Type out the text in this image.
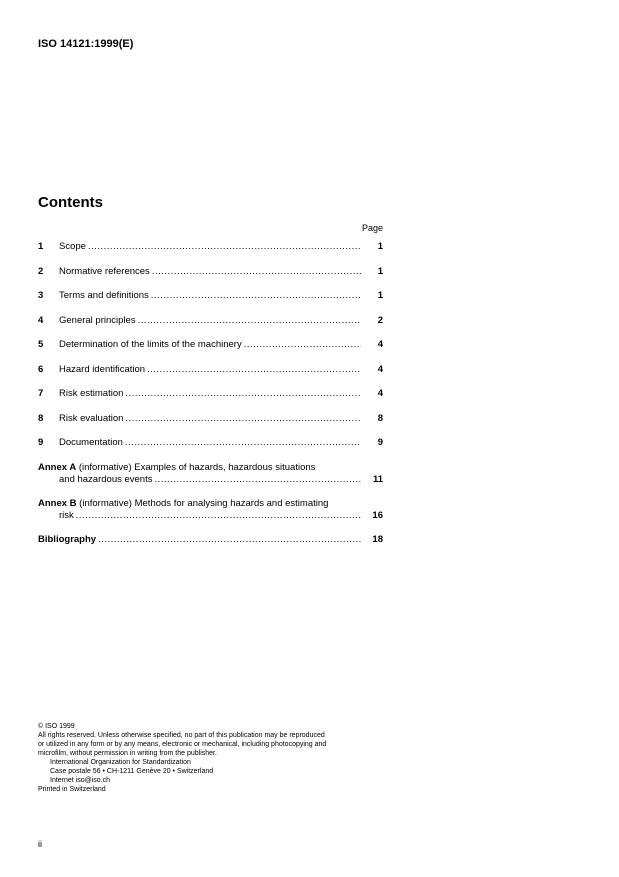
ISO 14121:1999(E)
Contents
Page
1	Scope .....	1
2	Normative references .....	1
3	Terms and definitions .....	1
4	General principles .....	2
5	Determination of the limits of the machinery .....	4
6	Hazard identification .....	4
7	Risk estimation .....	4
8	Risk evaluation .....	8
9	Documentation .....	9
Annex A (informative) Examples of hazards, hazardous situations
and hazardous events .....	11
Annex B (informative) Methods for analysing hazards and estimating
risk .....	16
Bibliography .....	18

© ISO 1999

All rights reserved. Unless otherwise specified, no part of this publication may be reproduced

or utilized in any form or by any means, electronic or mechanical, including photocopying and

microfilm, without permission in writing from the publisher.

International Organization for Standardization

Case postale 56 • CH-1211 Genève 20 • Switzerland

Internet iso@iso.ch

Printed in Switzerland

ii
